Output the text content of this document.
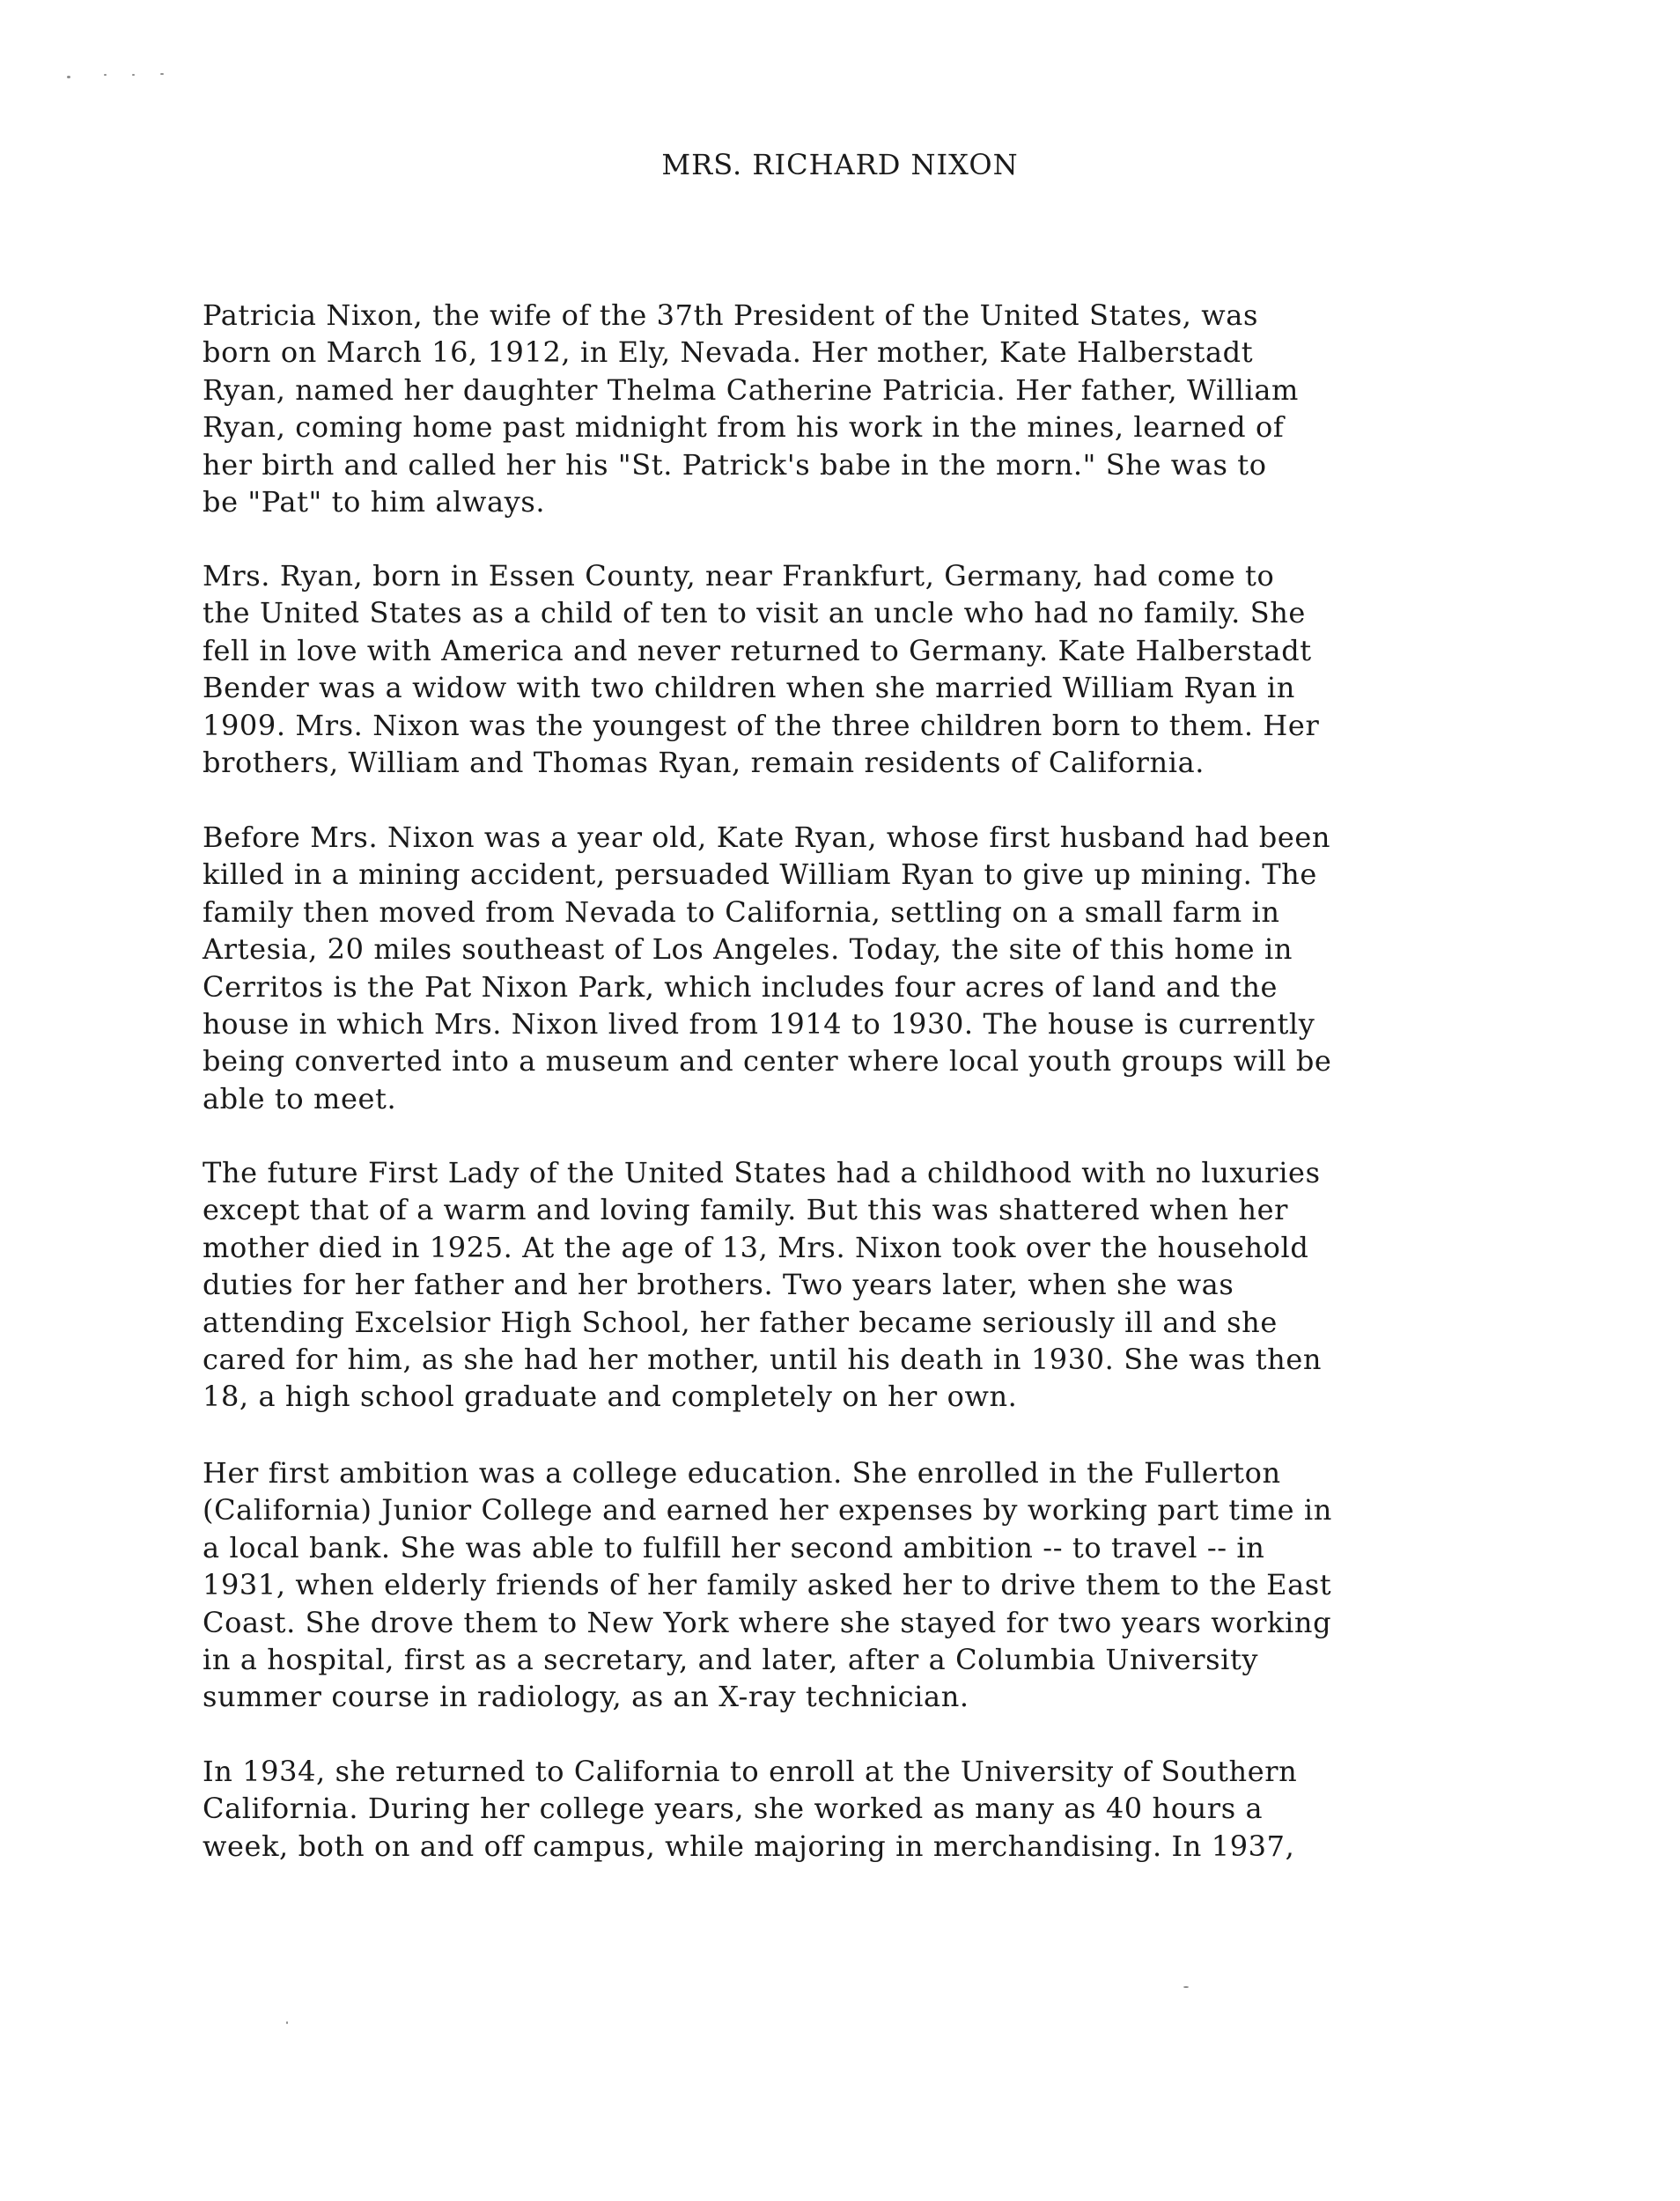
MRS. RICHARD NIXON
Patricia Nixon, the wife of the 37th President of the United States, was
born on March 16, 1912, in Ely, Nevada. Her mother, Kate Halberstadt
Ryan, named her daughter Thelma Catherine Patricia. Her father, William
Ryan, coming home past midnight from his work in the mines, learned of
her birth and called her his "St. Patrick's babe in the morn." She was to
be "Pat" to him always.
Mrs. Ryan, born in Essen County, near Frankfurt, Germany, had come to
the United States as a child of ten to visit an uncle who had no family. She
fell in love with America and never returned to Germany. Kate Halberstadt
Bender was a widow with two children when she married William Ryan in
1909. Mrs. Nixon was the youngest of the three children born to them. Her
brothers, William and Thomas Ryan, remain residents of California.
Before Mrs. Nixon was a year old, Kate Ryan, whose first husband had been
killed in a mining accident, persuaded William Ryan to give up mining. The
family then moved from Nevada to California, settling on a small farm in
Artesia, 20 miles southeast of Los Angeles. Today, the site of this home in
Cerritos is the Pat Nixon Park, which includes four acres of land and the
house in which Mrs. Nixon lived from 1914 to 1930. The house is currently
being converted into a museum and center where local youth groups will be
able to meet.
The future First Lady of the United States had a childhood with no luxuries
except that of a warm and loving family. But this was shattered when her
mother died in 1925. At the age of 13, Mrs. Nixon took over the household
duties for her father and her brothers. Two years later, when she was
attending Excelsior High School, her father became seriously ill and she
cared for him, as she had her mother, until his death in 1930. She was then
18, a high school graduate and completely on her own.
Her first ambition was a college education. She enrolled in the Fullerton
(California) Junior College and earned her expenses by working part time in
a local bank. She was able to fulfill her second ambition -- to travel -- in
1931, when elderly friends of her family asked her to drive them to the East
Coast. She drove them to New York where she stayed for two years working
in a hospital, first as a secretary, and later, after a Columbia University
summer course in radiology, as an X-ray technician.
In 1934, she returned to California to enroll at the University of Southern
California. During her college years, she worked as many as 40 hours a
week, both on and off campus, while majoring in merchandising. In 1937,
